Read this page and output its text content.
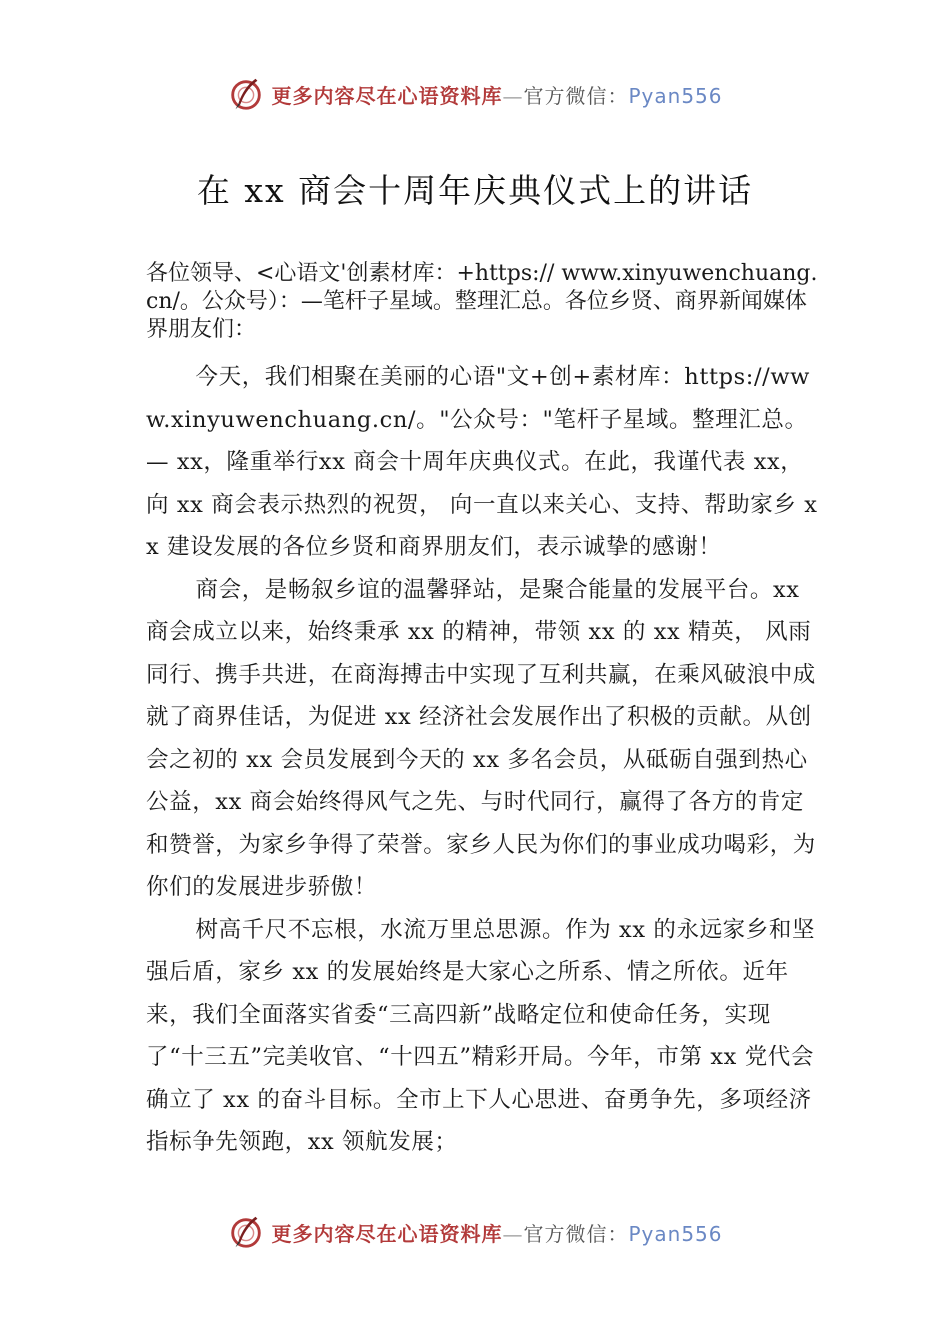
更多内容尽在心语资料库—官方微信：Pyan556
在 xx 商会十周年庆典仪式上的讲话

各位领导、<心语文'创素材库：+https:// www.xinyuwenchuang.cn/。公众号）：—笔杆子星域。整理汇总。各位乡贤、商界新闻媒体界朋友们：

今天，我们相聚在美丽的心语"文+创+素材库：https://www.xinyuwenchuang.cn/。"公众号："笔杆子星域。整理汇总。— xx，隆重举行xx 商会十周年庆典仪式。在此，我谨代表 xx，向 xx 商会表示热烈的祝贺， 向一直以来关心、支持、帮助家乡 xx 建设发展的各位乡贤和商界朋友们，表示诚挚的感谢！

商会，是畅叙乡谊的温馨驿站，是聚合能量的发展平台。xx 商会成立以来，始终秉承 xx 的精神，带领 xx 的 xx 精英， 风雨同行、携手共进，在商海搏击中实现了互利共赢，在乘风破浪中成就了商界佳话，为促进 xx 经济社会发展作出了积极的贡献。从创会之初的 xx 会员发展到今天的 xx 多名会员，从砥砺自强到热心公益，xx 商会始终得风气之先、与时代同行，赢得了各方的肯定和赞誉，为家乡争得了荣誉。家乡人民为你们的事业成功喝彩，为你们的发展进步骄傲！

树高千尺不忘根，水流万里总思源。作为 xx 的永远家乡和坚强后盾，家乡 xx 的发展始终是大家心之所系、情之所依。近年来，我们全面落实省委“三高四新”战略定位和使命任务，实现了“十三五”完美收官、“十四五”精彩开局。今年，市第 xx 党代会确立了 xx 的奋斗目标。全市上下人心思进、奋勇争先，多项经济指标争先领跑，xx 领航发展；

更多内容尽在心语资料库—官方微信：Pyan556
